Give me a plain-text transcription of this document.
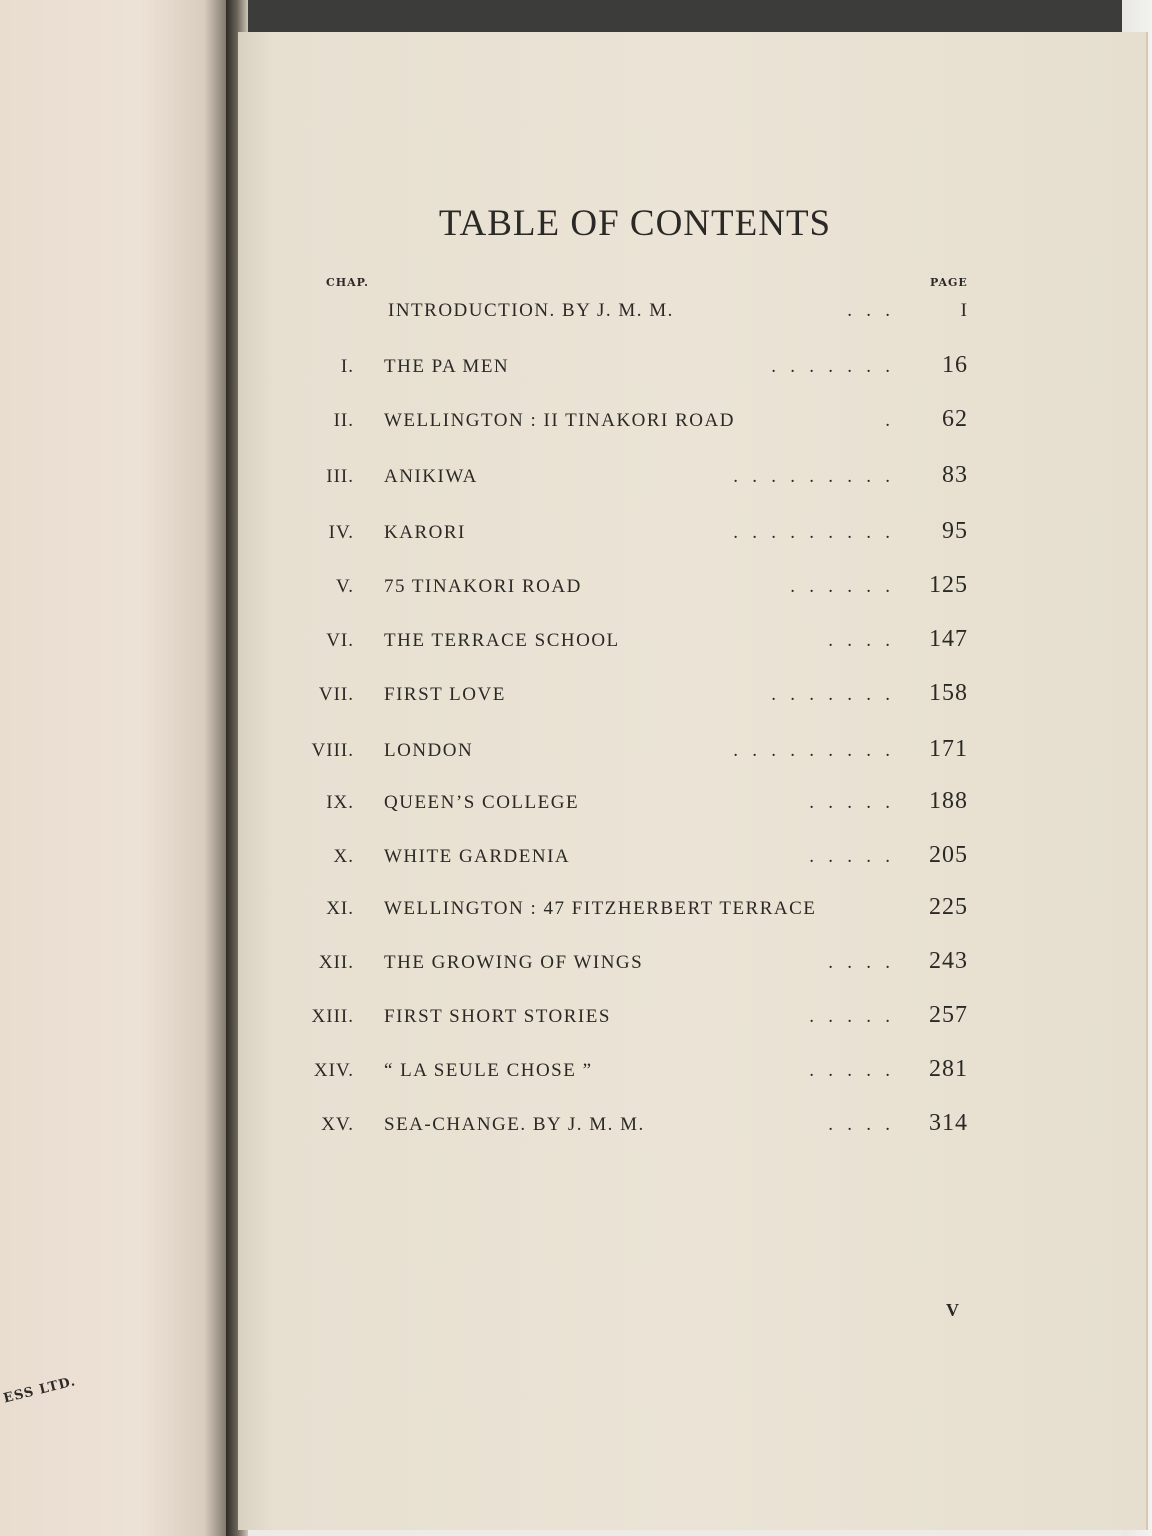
ESS LTD.
TABLE OF CONTENTS
CHAP.	PAGE
INTRODUCTION. BY J. M. M.	.   .   .	I
I. THE PA MEN	.   .   .   .   .   .   . 16
II. WELLINGTON : II TINAKORI ROAD	. 62
III. ANIKIWA	.   .   .   .   .   .   .   .   . 83
IV. KARORI	.   .   .   .   .   .   .   .   . 95
V. 75 TINAKORI ROAD	.   .   .   .   .   . 125
VI. THE TERRACE SCHOOL	.   .   .   . 147
VII. FIRST LOVE	.   .   .   .   .   .   . 158
VIII. LONDON	.   .   .   .   .   .   .   .   . 171
IX. QUEEN’S COLLEGE	.   .   .   .   . 188
X. WHITE GARDENIA	.   .   .   .   . 205
XI. WELLINGTON : 47 FITZHERBERT TERRACE	225
XII. THE GROWING OF WINGS	.   .   .   . 243
XIII. FIRST SHORT STORIES	.   .   .   .   . 257
XIV. “ LA SEULE CHOSE ”	.   .   .   .   . 281
XV. SEA-CHANGE. BY J. M. M.	.   .   .   . 314
V
